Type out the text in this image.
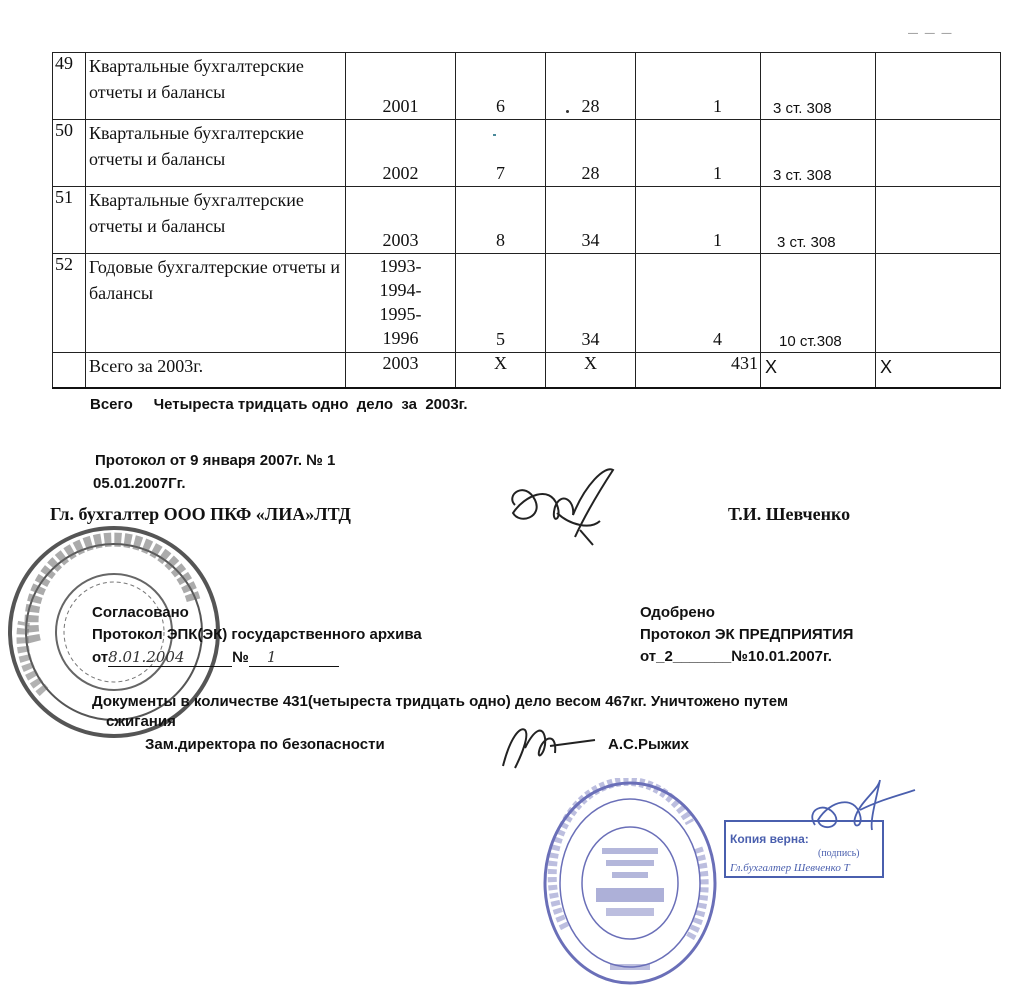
— — —
49	Квартальные бухгалтерские отчеты и балансы	2001	6	28	1	3 ст. 308	

50	Квартальные бухгалтерские отчеты и балансы	2002	7	28	1	3 ст. 308	

51	Квартальные бухгалтерские отчеты и балансы	2003	8	34	1	3 ст. 308	

52	Годовые бухгалтерские отчеты и балансы	1993-
1994-
1995-
1996	5	34	4	10 ст.308	

	Всего за 2003г.	2003	X	X	431	X	X
Всего     Четыреста тридцать одно  дело  за  2003г.
Протокол от 9 января 2007г. № 1
05.01.2007Гг.
Гл. бухгалтер ООО ПКФ «ЛИА»ЛТД	Т.И. Шевченко
Согласовано
Протокол ЭПК(ЭК) государственного архива
от8.01.2004	№ 1
Одобрено
Протокол ЭК ПРЕДПРИЯТИЯ
от_2_______№10.01.2007г.
Документы в количестве 431(четыреста тридцать одно) дело весом 467кг. Уничтожено путем
сжигания
Зам.директора по безопасности	А.С.Рыжих
Копия верна:
(подпись)
Гл.бухгалтер Шевченко Т
